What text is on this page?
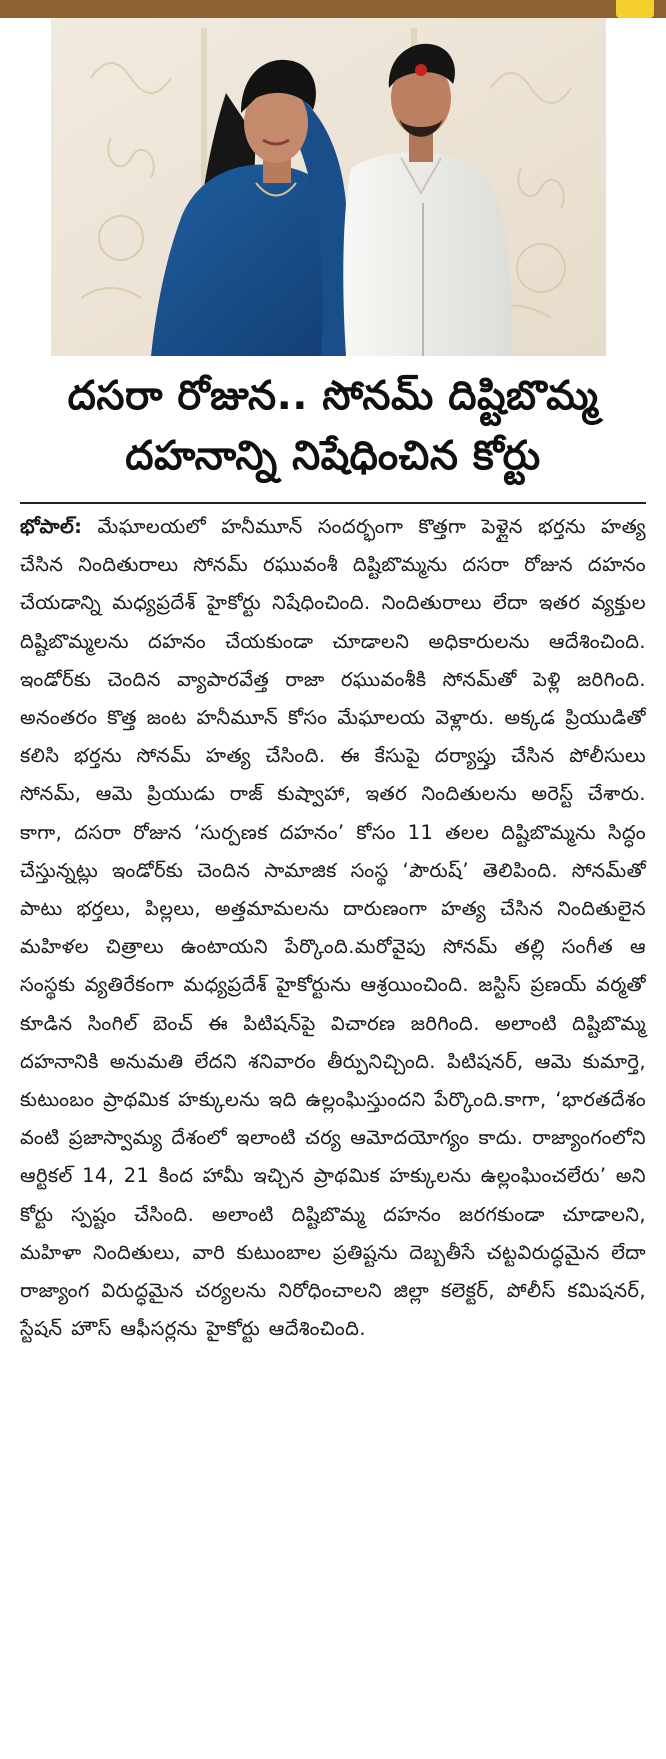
దసరా రోజున.. సోనమ్ దిష్టిబొమ్మ
దహనాన్ని నిషేధించిన కోర్టు
భోపాల్: మేఘాలయలో హనీమూన్ సందర్భంగా కొత్తగా పెళ్లైన భర్తను హత్య చేసిన నిందితురాలు సోనమ్ రఘువంశీ దిష్టిబొమ్మను దసరా రోజున దహనం చేయడాన్ని మధ్యప్రదేశ్ హైకోర్టు నిషేధించింది. నిందితురాలు లేదా ఇతర వ్యక్తుల దిష్టిబొమ్మలను దహనం చేయకుండా చూడాలని అధికారులను ఆదేశించింది. ఇండోర్‌కు చెందిన వ్యాపారవేత్త రాజా రఘువంశీకి సోనమ్‌తో పెళ్లి జరిగింది. అనంతరం కొత్త జంట హనీమూన్ కోసం మేఘాలయ వెళ్లారు. అక్కడ ప్రియుడితో కలిసి భర్తను సోనమ్ హత్య చేసింది. ఈ కేసుపై దర్యాప్తు చేసిన పోలీసులు సోనమ్, ఆమె ప్రియుడు రాజ్ కుష్వాహా, ఇతర నిందితులను అరెస్ట్ చేశారు. కాగా, దసరా రోజున ‘సుర్పణక దహనం’ కోసం 11 తలల దిష్టిబొమ్మను సిద్ధం చేస్తున్నట్లు ఇండోర్‌కు చెందిన సామాజిక సంస్థ ‘పౌరుష్’ తెలిపింది. సోనమ్‌తో పాటు భర్తలు, పిల్లలు, అత్తమామలను దారుణంగా హత్య చేసిన నిందితులైన మహిళల చిత్రాలు ఉంటాయని పేర్కొంది.మరోవైపు సోనమ్ తల్లి సంగీత ఆ సంస్థకు వ్యతిరేకంగా మధ్యప్రదేశ్ హైకోర్టును ఆశ్రయించింది. జస్టిస్ ప్రణయ్ వర్మతో కూడిన సింగిల్ బెంచ్ ఈ పిటిషన్‌పై విచారణ జరిగింది. అలాంటి దిష్టిబొమ్మ దహనానికి అనుమతి లేదని శనివారం తీర్పునిచ్చింది. పిటిషనర్, ఆమె కుమార్తె, కుటుంబం ప్రాథమిక హక్కులను ఇది ఉల్లంఘిస్తుందని పేర్కొంది.కాగా, ‘భారతదేశం వంటి ప్రజాస్వామ్య దేశంలో ఇలాంటి చర్య ఆమోదయోగ్యం కాదు. రాజ్యాంగంలోని ఆర్టికల్ 14, 21 కింద హామీ ఇచ్చిన ప్రాథమిక హక్కులను ఉల్లంఘించలేరు’ అని కోర్టు స్పష్టం చేసింది. అలాంటి దిష్టిబొమ్మ దహనం జరగకుండా చూడాలని, మహిళా నిందితులు, వారి కుటుంబాల ప్రతిష్టను దెబ్బతీసే చట్టవిరుద్ధమైన లేదా రాజ్యాంగ విరుద్ధమైన చర్యలను నిరోధించాలని జిల్లా కలెక్టర్, పోలీస్ కమిషనర్, స్టేషన్ హౌస్ ఆఫీసర్లను హైకోర్టు ఆదేశించింది.
